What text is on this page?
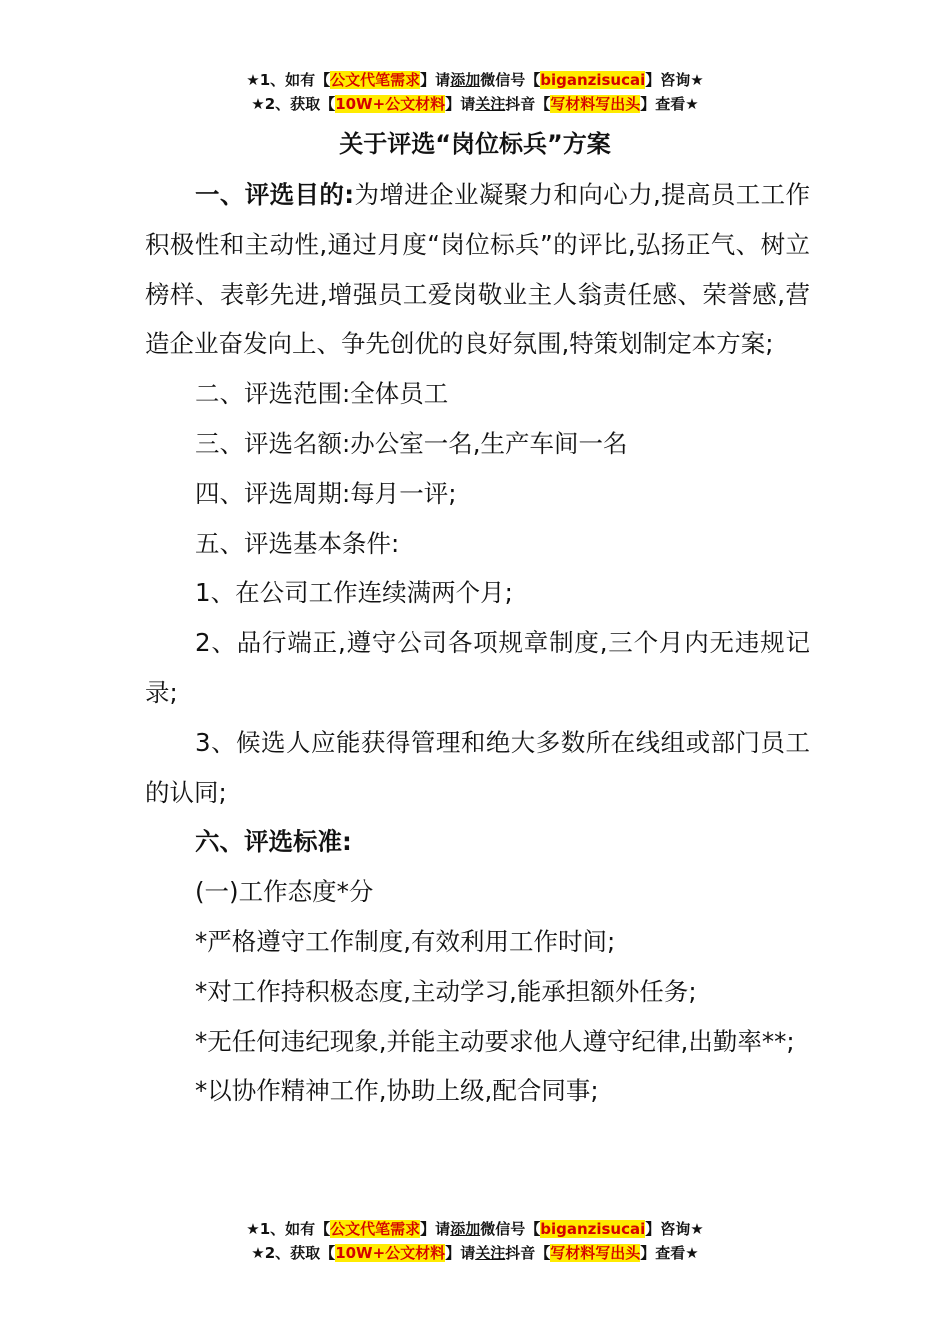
★1、如有【公文代笔需求】请添加微信号【biganzisucai】咨询★
★2、获取【10W+公文材料】请关注抖音【写材料写出头】查看★
关于评选“岗位标兵”方案

一、评选目的:为增进企业凝聚力和向心力,提高员工工作积极性和主动性,通过月度“岗位标兵”的评比,弘扬正气、树立榜样、表彰先进,增强员工爱岗敬业主人翁责任感、荣誉感,营造企业奋发向上、争先创优的良好氛围,特策划制定本方案;

二、评选范围:全体员工

三、评选名额:办公室一名,生产车间一名

四、评选周期:每月一评;

五、评选基本条件:

1、在公司工作连续满两个月;

2、品行端正,遵守公司各项规章制度,三个月内无违规记录;

3、候选人应能获得管理和绝大多数所在线组或部门员工的认同;

六、评选标准:

(一)工作态度*分

*严格遵守工作制度,有效利用工作时间;

*对工作持积极态度,主动学习,能承担额外任务;

*无任何违纪现象,并能主动要求他人遵守纪律,出勤率**;

*以协作精神工作,协助上级,配合同事;

★1、如有【公文代笔需求】请添加微信号【biganzisucai】咨询★
★2、获取【10W+公文材料】请关注抖音【写材料写出头】查看★
